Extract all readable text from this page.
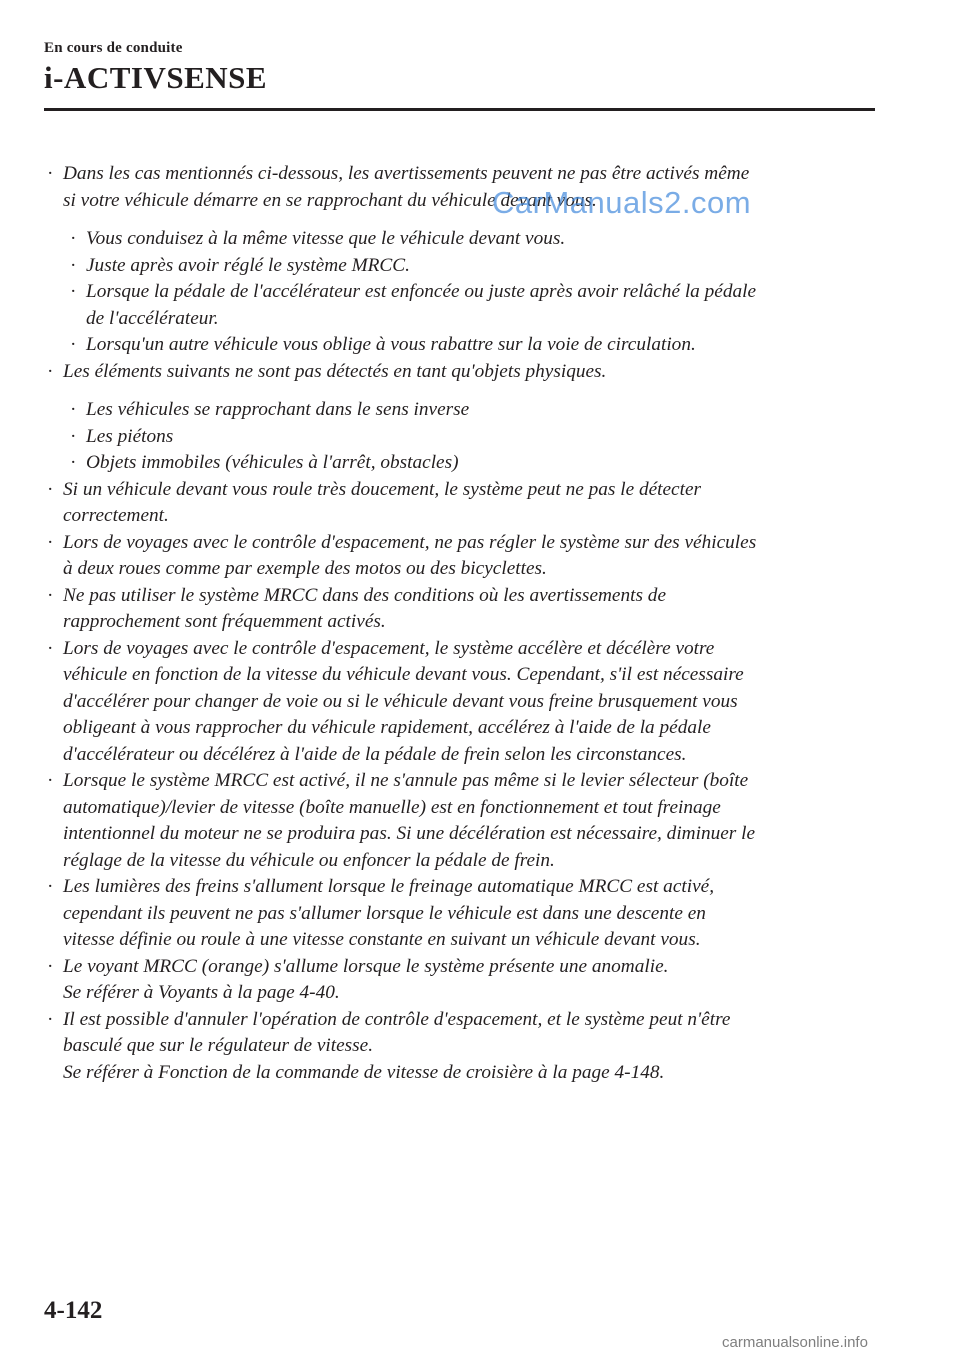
En cours de conduite
i-ACTIVSENSE
· Dans les cas mentionnés ci-dessous, les avertissements peuvent ne pas être activés même
si votre véhicule démarre en se rapprochant du véhicule devant vous.
· Vous conduisez à la même vitesse que le véhicule devant vous.
· Juste après avoir réglé le système MRCC.
· Lorsque la pédale de l'accélérateur est enfoncée ou juste après avoir relâché la pédale
de l'accélérateur.
· Lorsqu'un autre véhicule vous oblige à vous rabattre sur la voie de circulation.
· Les éléments suivants ne sont pas détectés en tant qu'objets physiques.
· Les véhicules se rapprochant dans le sens inverse
· Les piétons
· Objets immobiles (véhicules à l'arrêt, obstacles)
· Si un véhicule devant vous roule très doucement, le système peut ne pas le détecter
correctement.
· Lors de voyages avec le contrôle d'espacement, ne pas régler le système sur des véhicules
à deux roues comme par exemple des motos ou des bicyclettes.
· Ne pas utiliser le système MRCC dans des conditions où les avertissements de
rapprochement sont fréquemment activés.
· Lors de voyages avec le contrôle d'espacement, le système accélère et décélère votre
véhicule en fonction de la vitesse du véhicule devant vous. Cependant, s'il est nécessaire
d'accélérer pour changer de voie ou si le véhicule devant vous freine brusquement vous
obligeant à vous rapprocher du véhicule rapidement, accélérez à l'aide de la pédale
d'accélérateur ou décélérez à l'aide de la pédale de frein selon les circonstances.
· Lorsque le système MRCC est activé, il ne s'annule pas même si le levier sélecteur (boîte
automatique)/levier de vitesse (boîte manuelle) est en fonctionnement et tout freinage
intentionnel du moteur ne se produira pas. Si une décélération est nécessaire, diminuer le
réglage de la vitesse du véhicule ou enfoncer la pédale de frein.
· Les lumières des freins s'allument lorsque le freinage automatique MRCC est activé,
cependant ils peuvent ne pas s'allumer lorsque le véhicule est dans une descente en
vitesse définie ou roule à une vitesse constante en suivant un véhicule devant vous.
· Le voyant MRCC (orange) s'allume lorsque le système présente une anomalie.
Se référer à Voyants à la page 4-40.
· Il est possible d'annuler l'opération de contrôle d'espacement, et le système peut n'être
basculé que sur le régulateur de vitesse.
Se référer à Fonction de la commande de vitesse de croisière à la page 4-148.
CarManuals2.com
4-142
carmanualsonline.info
